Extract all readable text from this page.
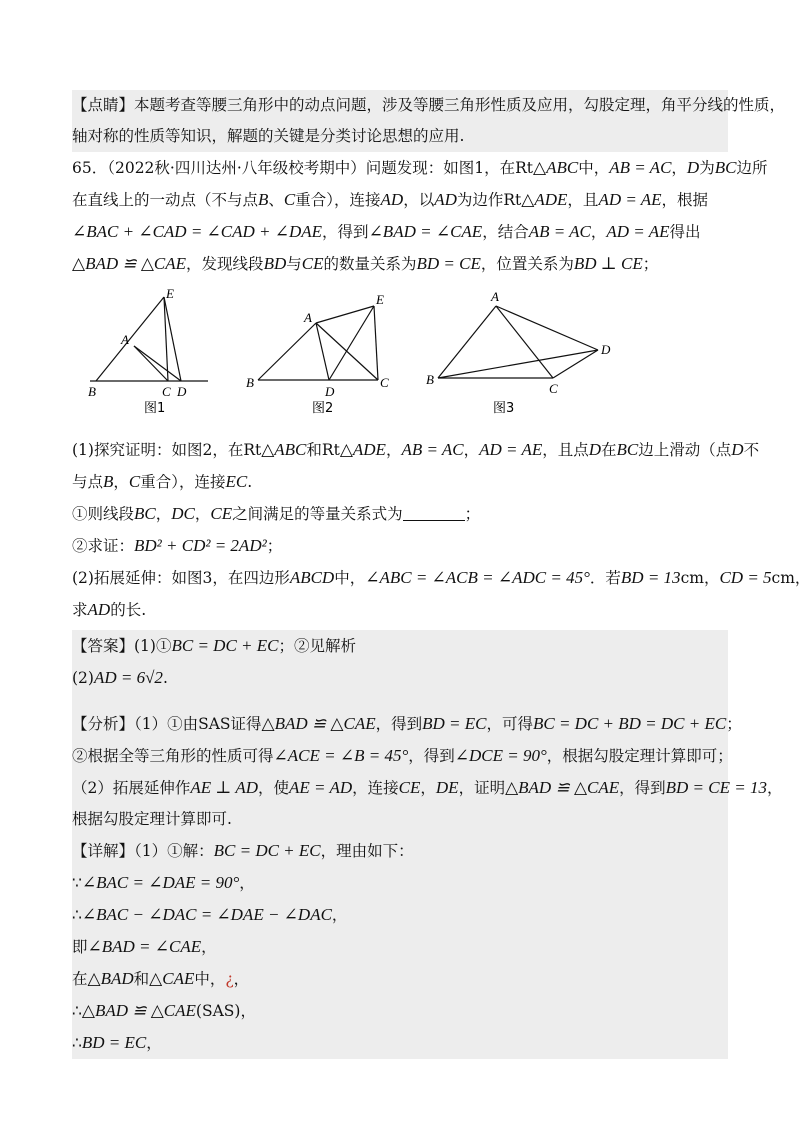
【点睛】本题考查等腰三角形中的动点问题，涉及等腰三角形性质及应用，勾股定理，角平分线的性质，
轴对称的性质等知识，解题的关键是分类讨论思想的应用.
65．（2022秋·四川达州·八年级校考期中）问题发现：如图1，在Rt△ABC中，AB = AC，D为BC边所
在直线上的一动点（不与点B、C重合），连接AD，以AD为边作Rt△ADE，且AD = AE，根据
∠BAC + ∠CAD = ∠CAD + ∠DAE，得到∠BAD = ∠CAE，结合AB = AC，AD = AE得出
△BAD ≌ △CAE，发现线段BD与CE的数量关系为BD = CE，位置关系为BD ⊥ CE；
E
A
B	C D
图1
A
E
B
D
C
图2
A
D
B
C
图3
(1)探究证明：如图2，在Rt△ABC和Rt△ADE，AB = AC，AD = AE，且点D在BC边上滑动（点D不
与点B，C重合），连接EC.
①则线段BC，DC，CE之间满足的等量关系式为	；
②求证：BD² + CD² = 2AD²；
(2)拓展延伸：如图3，在四边形ABCD中，∠ABC = ∠ACB = ∠ADC = 45°．若BD = 13cm，CD = 5cm，
求AD的长.
【答案】(1)①BC = DC + EC；②见解析
(2)AD = 6√2.
【分析】（1）①由SAS证得△BAD ≌ △CAE，得到BD = EC，可得BC = DC + BD = DC + EC；
②根据全等三角形的性质可得∠ACE = ∠B = 45°，得到∠DCE = 90°，根据勾股定理计算即可；
（2）拓展延伸作AE ⊥ AD，使AE = AD，连接CE，DE，证明△BAD ≌ △CAE，得到BD = CE = 13，
根据勾股定理计算即可.
【详解】（1）①解：BC = DC + EC，理由如下：
∵∠BAC = ∠DAE = 90°，
∴∠BAC − ∠DAC = ∠DAE − ∠DAC，
即∠BAD = ∠CAE，
在△BAD和△CAE中，¿，
∴△BAD ≌ △CAE(SAS)，
∴BD = EC，
